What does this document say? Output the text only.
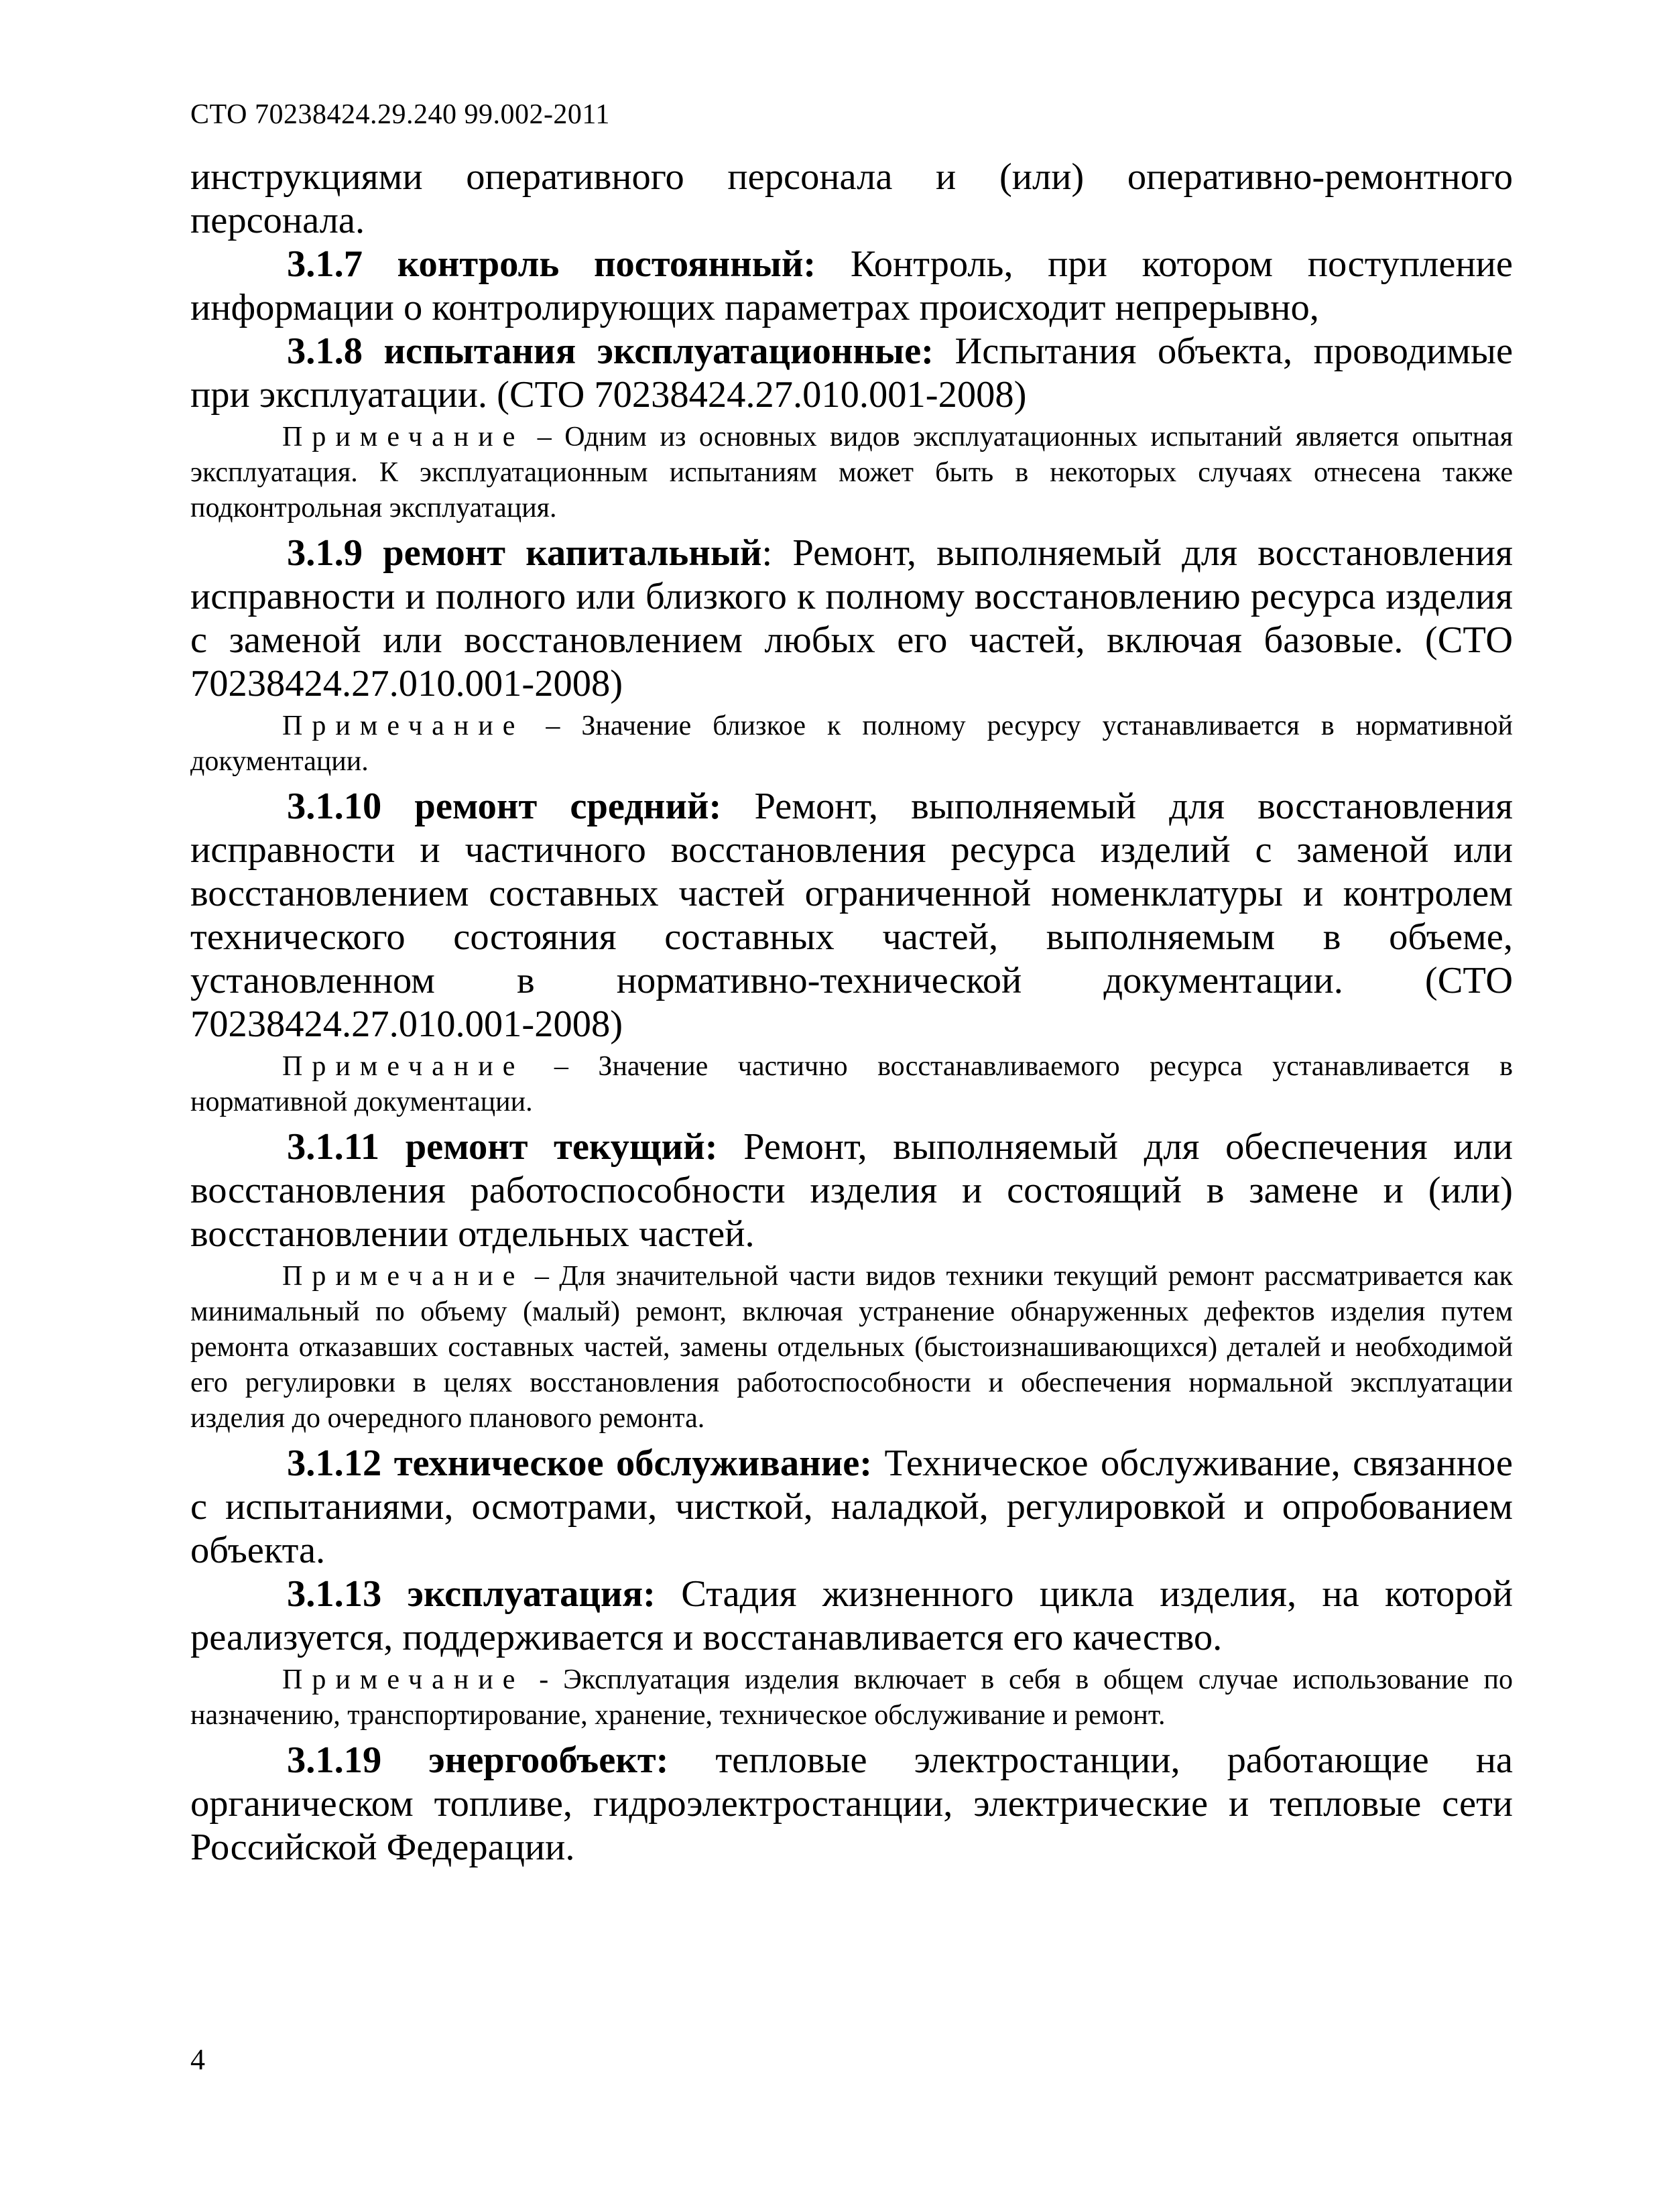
СТО 70238424.29.240 99.002-2011

инструкциями оперативного персонала и (или) оперативно-ремонтного персонала.

3.1.7 контроль постоянный: Контроль, при котором поступление информации о контролирующих параметрах происходит непрерывно,

3.1.8 испытания эксплуатационные: Испытания объекта, проводимые при эксплуатации. (СТО 70238424.27.010.001-2008)

Примечание – Одним из основных видов эксплуатационных испытаний является опытная эксплуатация. К эксплуатационным испытаниям может быть в некоторых случаях отнесена также подконтрольная эксплуатация.

3.1.9 ремонт капитальный: Ремонт, выполняемый для восстановления исправности и полного или близкого к полному восстановлению ресурса изделия с заменой или восстановлением любых его частей, включая базовые. (СТО 70238424.27.010.001-2008)

Примечание – Значение близкое к полному ресурсу устанавливается в нормативной документации.

3.1.10 ремонт средний: Ремонт, выполняемый для восстановления исправности и частичного восстановления ресурса изделий с заменой или восстановлением составных частей ограниченной номенклатуры и контролем технического состояния составных частей, выполняемым в объеме, установленном в нормативно-технической документации. (СТО 70238424.27.010.001-2008)

Примечание – Значение частично восстанавливаемого ресурса устанавливается в нормативной документации.

3.1.11 ремонт текущий: Ремонт, выполняемый для обеспечения или восстановления работоспособности изделия и состоящий в замене и (или) восстановлении отдельных частей.

Примечание – Для значительной части видов техники текущий ремонт рассматривается как минимальный по объему (малый) ремонт, включая устранение обнаруженных дефектов изделия путем ремонта отказавших составных частей, замены отдельных (быстоизнашивающихся) деталей и необходимой его регулировки в целях восстановления работоспособности и обеспечения нормальной эксплуатации изделия до очередного планового ремонта.

3.1.12 техническое обслуживание: Техническое обслуживание, связанное с испытаниями, осмотрами, чисткой, наладкой, регулировкой и опробованием объекта.

3.1.13 эксплуатация: Стадия жизненного цикла изделия, на которой реализуется, поддерживается и восстанавливается его качество.

Примечание - Эксплуатация изделия включает в себя в общем случае использование по назначению, транспортирование, хранение, техническое обслуживание и ремонт.

3.1.19 энергообъект: тепловые электростанции, работающие на органическом топливе, гидроэлектростанции, электрические и тепловые сети Российской Федерации.

4
